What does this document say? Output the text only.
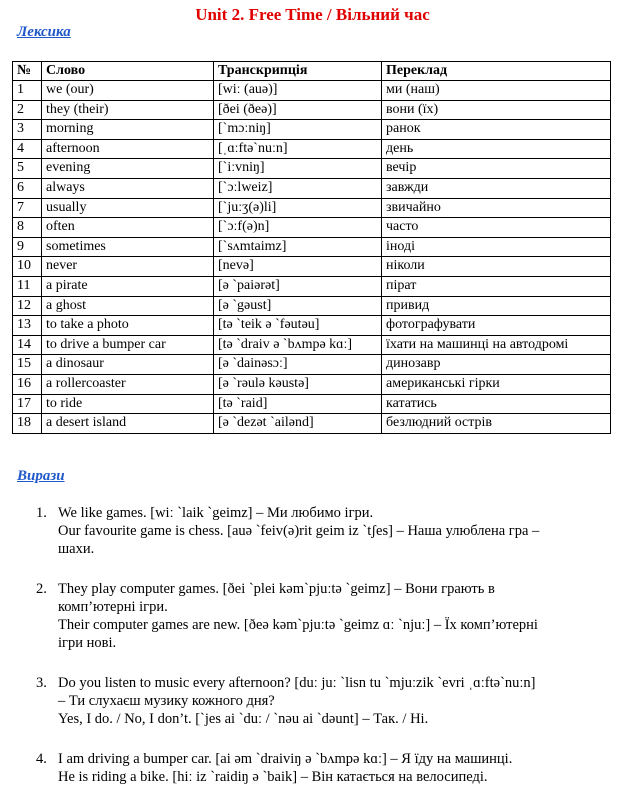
Unit 2. Free Time / Вільний час
Лексика
№	Слово	Транскрипція	Переклад
1	we (our)	[wiː (auə)]	ми (наш)
2	they (their)	[ðei (ðeə)]	вони (їх)
3	morning	[`mɔːniŋ]	ранок
4	afternoon	[ˌɑːftə`nuːn]	день
5	evening	[`iːvniŋ]	вечір
6	always	[`ɔːlweiz]	завжди
7	usually	[`juːʒ(ə)li]	звичайно
8	often	[`ɔːf(ə)n]	часто
9	sometimes	[`sʌmtaimz]	іноді
10	never	[nevə]	ніколи
11	a pirate	[ə `paiərət]	пірат
12	a ghost	[ə `gəust]	привид
13	to take a photo	[tə `teik ə `fəutəu]	фотографувати
14	to drive a bumper car	[tə `draiv ə `bʌmpə kɑː]	їхати на машинці на автодромі
15	a dinosaur	[ə `dainəsɔː]	динозавр
16	a rollercoaster	[ə `rəulə kəustə]	американські гірки
17	to ride	[tə `raid]	кататись
18	a desert island	[ə `dezət `ailənd]	безлюдний острів
Вирази
1. We like games. [wiː `laik `geimz] – Ми любимо ігри.
Our favourite game is chess. [auə `feiv(ə)rit geim iz `tʃes] – Наша улюблена гра –
шахи.
2. They play computer games. [ðei `plei kəm`pjuːtə `geimz] – Вони грають в
комп’ютерні ігри.
Their computer games are new. [ðeə kəm`pjuːtə `geimz ɑː `njuː] – Їх комп’ютерні
ігри нові.
3. Do you listen to music every afternoon? [duː juː `lisn tu `mjuːzik `evri ˌɑːftə`nuːn]
– Ти слухаєш музику кожного дня?
Yes, I do. / No, I don’t. [`jes ai `duː / `nəu ai `dəunt] – Так. / Ні.
4. I am driving a bumper car. [ai əm `draiviŋ ə `bʌmpə kɑː] – Я їду на машинці.
He is riding a bike. [hiː iz `raidiŋ ə `baik] – Він катається на велосипеді.
